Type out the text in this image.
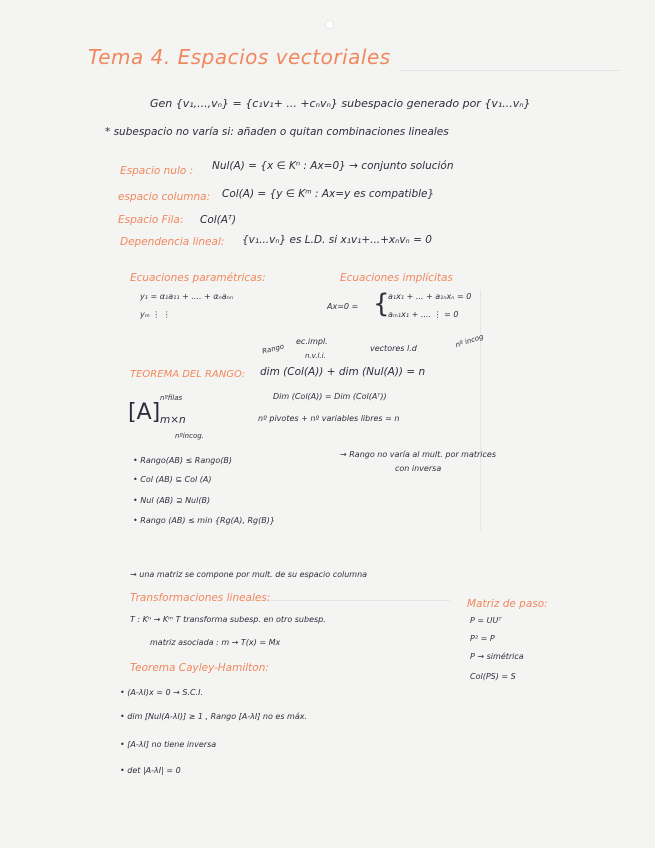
Tema 4. Espacios vectoriales
Gen {v₁,...,vₙ} = {c₁v₁+ ... +cₙvₙ} subespacio generado por {v₁...vₙ}
* subespacio no varía si: añaden o quitan combinaciones lineales
Espacio nulo : Nul(A) = {x ∈ Kⁿ : Ax=0} → conjunto solución
espacio columna: Col(A) = {y ∈ Kᵐ : Ax=y es compatible}
Espacio Fila: Col(Aᵀ)
Dependencia lineal: {v₁...vₙ} es L.D. si x₁v₁+...+xₙvₙ = 0
Ecuaciones paramétricas:
y₁ = α₁a₁₁ + .... + αₙaₙₙ
yₘ ⋮ ⋮
Ecuaciones implícitas
Ax=0 = {
a₁x₁ + ... + a₁ₙxₙ = 0
aₘ₁x₁ + .... ⋮ = 0
Rango
ec.impl.
n.v.l.i.
vectores l.d	nº incog
TEOREMA DEL RANGO: dim (Col(A)) + dim (Nul(A)) = n
[A]
nºfilas
m×n
nºincog.
Dim (Col(A)) = Dim (Col(Aᵀ))
nº pivotes + nº variables libres = n
• Rango(AB) ≤ Rango(B)
• Col (AB) ⊆ Col (A)
• Nul (AB) ⊇ Nul(B)
• Rango (AB) ≤ min {Rg(A), Rg(B)}
→ Rango no varía al mult. por matrices
con inversa
→ una matriz se compone por mult. de su espacio columna
Transformaciones lineales:
T : Kⁿ → Kᵐ T transforma subesp. en otro subesp.
matriz asociada : m → T(x) = Mx
Matriz de paso:
P = UUᵀ
P² = P
P → simétrica
Col(PS) = S
Teorema Cayley-Hamilton:
• (A-λI)x = 0 → S.C.I.
• dim [Nul(A-λI)] ≥ 1 , Rango [A-λI] no es máx.
• [A-λI] no tiene inversa
• det |A-λI| = 0
